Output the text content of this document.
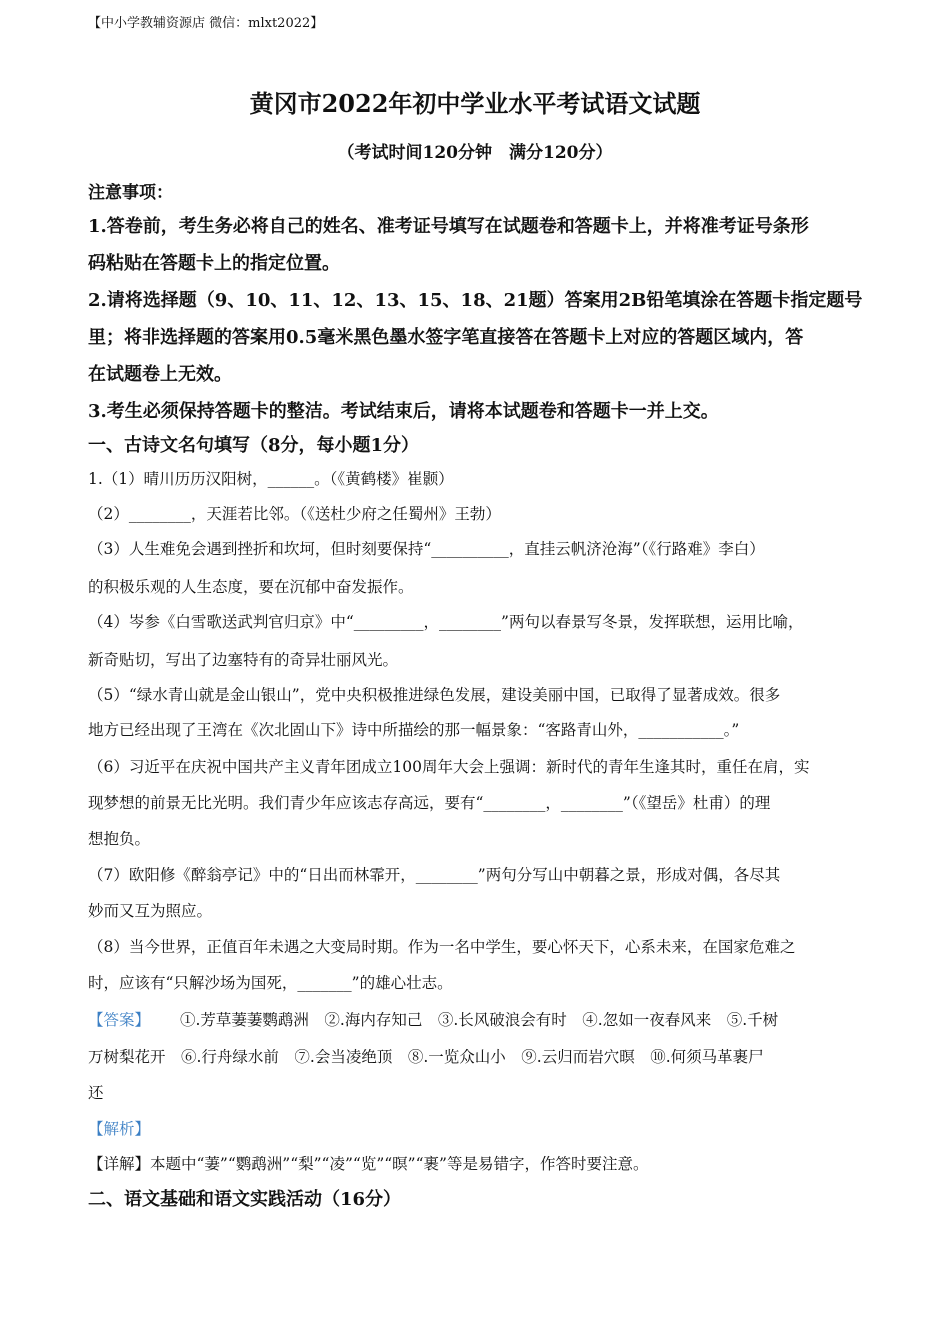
【中小学教辅资源店 微信：mlxt2022】
黄冈市2022年初中学业水平考试语文试题
（考试时间120分钟　满分120分）
注意事项：
1.答卷前，考生务必将自己的姓名、准考证号填写在试题卷和答题卡上，并将准考证号条形
码粘贴在答题卡上的指定位置。
2.请将选择题（9、10、11、12、13、15、18、21题）答案用2B铅笔填涂在答题卡指定题号
里；将非选择题的答案用0.5毫米黑色墨水签字笔直接答在答题卡上对应的答题区域内，答
在试题卷上无效。
3.考生必须保持答题卡的整洁。考试结束后，请将本试题卷和答题卡一并上交。
一、古诗文名句填写（8分，每小题1分）
1.（1）晴川历历汉阳树，______。（《黄鹤楼》崔颢）
（2）________，天涯若比邻。（《送杜少府之任蜀州》王勃）
（3）人生难免会遇到挫折和坎坷，但时刻要保持“__________，直挂云帆济沧海”（《行路难》李白）
的积极乐观的人生态度，要在沉郁中奋发振作。
（4）岑参《白雪歌送武判官归京》中“_________，________”两句以春景写冬景，发挥联想，运用比喻，
新奇贴切，写出了边塞特有的奇异壮丽风光。
（5）“绿水青山就是金山银山”，党中央积极推进绿色发展，建设美丽中国，已取得了显著成效。很多
地方已经出现了王湾在《次北固山下》诗中所描绘的那一幅景象：“客路青山外，___________。”
（6）习近平在庆祝中国共产主义青年团成立100周年大会上强调：新时代的青年生逢其时，重任在肩，实
现梦想的前景无比光明。我们青少年应该志存高远，要有“________，________”（《望岳》杜甫）的理
想抱负。
（7）欧阳修《醉翁亭记》中的“日出而林霏开，________”两句分写山中朝暮之景，形成对偶，各尽其
妙而又互为照应。
（8）当今世界，正值百年未遇之大变局时期。作为一名中学生，要心怀天下，心系未来，在国家危难之
时，应该有“只解沙场为国死，_______”的雄心壮志。
【答案】 ①.芳草萋萋鹦鹉洲　②.海内存知己　③.长风破浪会有时　④.忽如一夜春风来　⑤.千树
万树梨花开　⑥.行舟绿水前　⑦.会当凌绝顶　⑧.一览众山小　⑨.云归而岩穴暝　⑩.何须马革裹尸
还
【解析】
【详解】本题中“萋”“鹦鹉洲”“梨”“凌”“览”“暝”“裹”等是易错字，作答时要注意。
二、语文基础和语文实践活动（16分）
